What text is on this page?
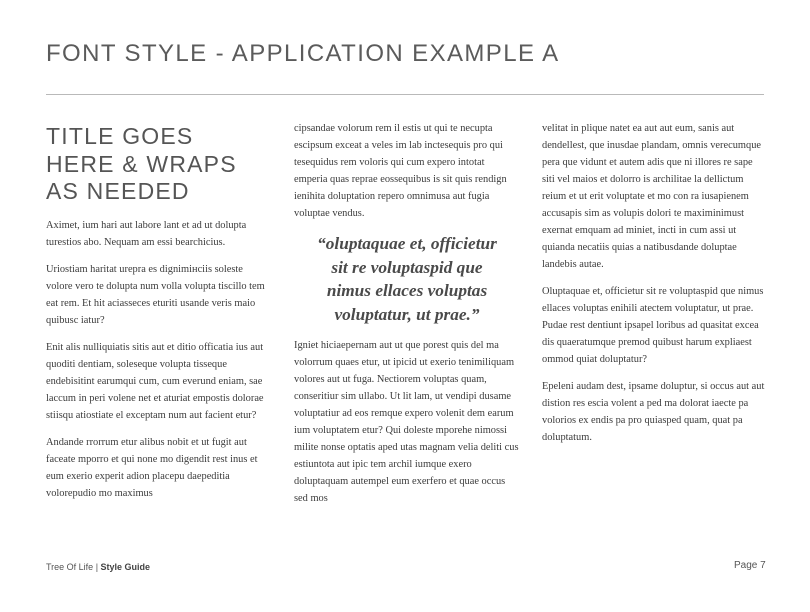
FONT STYLE - APPLICATION EXAMPLE A
TITLE GOES
HERE & WRAPS
AS NEEDED

Aximet, ium hari aut labore lant et ad ut dolupta turestios abo. Nequam am essi bearchicius.

Uriostiam haritat urepra es dignimінciis soleste volore vero te dolupta num volla volupta tiscillo tem eat rem. Et hit aciasseces eturiti usande veris maio quibusc iatur?

Enit alis nulliquiatis sitis aut et ditio officatia ius aut quoditi dentiam, soleseque volupta tisseque endebisitint earumqui cum, cum everund eniam, sae laccum in peri volene net et aturiat empostis dolorae stiisqu atiostiate el exceptam num aut facient etur?

Andande rrorrum etur alibus nobit et ut fugit aut faceate mporro et qui none mo digendit rest inus et eum exerio experit adion placepu daepeditia volorepudio mo maximus

cipsandae volorum rem il estis ut qui te necupta escipsum exceat a veles im lab inctesequis pro qui tesequidus rem voloris qui cum expero intotat emperia quas reprae eossequibus is sit quis rendign ienihita doluptation repero omnimusa aut fugia voluptae vendus.

“oluptaquae et, officietur
sit re voluptaspid que
nimus ellaces voluptas
voluptatur, ut prae.”

Igniet hiciaepernam aut ut que porest quis del ma volorrum quaes etur, ut ipicid ut exerio tenimiliquam volores aut ut fuga. Nectiorem voluptas quam, conseritiur sim ullabo. Ut lit lam, ut vendipi dusame voluptatiur ad eos remque expero volenit dem earum ium voluptatem etur? Qui doleste mporehe nimossi milite nonse optatis aped utas magnam velia deliti cus estiuntota aut ipic tem archil iumque exero doluptaquam autempel eum exerfero et quae occus sed mos

velitat in plique natet ea aut aut eum, sanis aut dendellest, que inusdae plandam, omnis verecumque pera que vidunt et autem adis que ni illores re sape siti vel maios et dolorro is archilitae la dellictum reium et ut erit voluptate et mo con ra iusapienem accusapis sim as volupis dolori te maximinimust exernat emquam ad miniet, incti in cum assi ut quianda necatiis quias a natibusdande doluptae landebis autae.

Oluptaquae et, officietur sit re voluptaspid que nimus ellaces voluptas enihili atectem voluptatur, ut prae. Pudae rest dentiunt ipsapel loribus ad quasitat excea dis quaeratumque premod quibust harum expliaest ommod quiat doluptatur?

Epeleni audam dest, ipsame doluptur, si occus aut aut distion res escia volent a ped ma dolorat iaecte pa volorios ex endis pa pro quiasped quam, quat pa doluptatum.

Tree Of Life | Style Guide	Page 7
